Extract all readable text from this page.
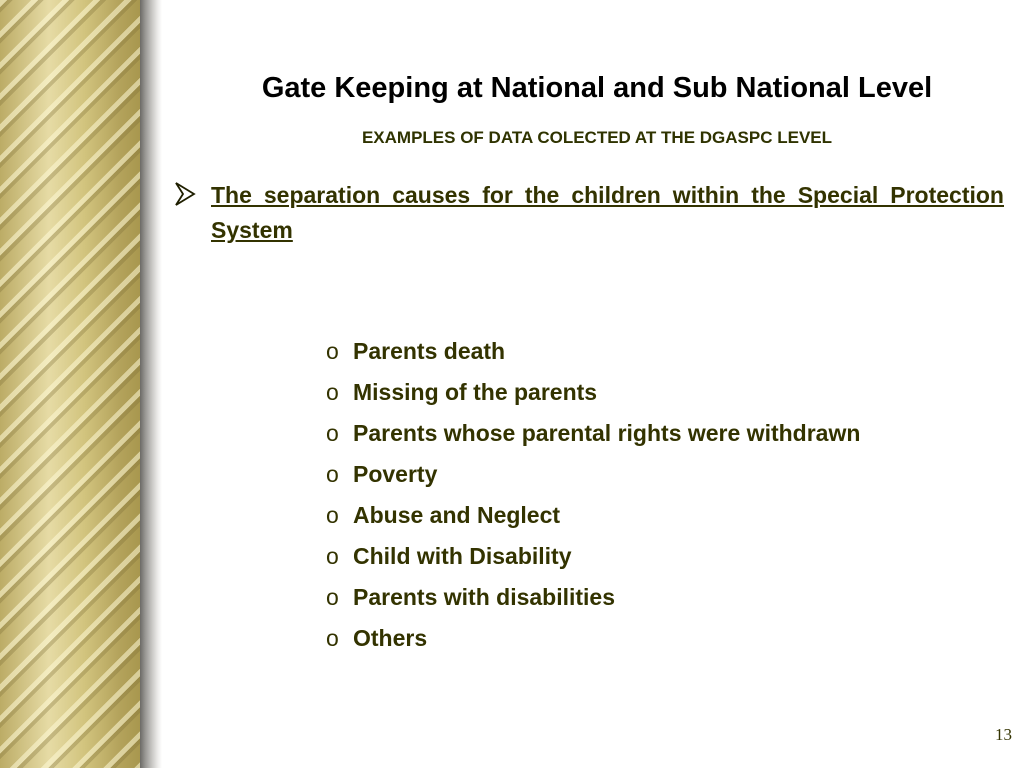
Gate Keeping at National and Sub National Level
EXAMPLES OF DATA COLECTED AT THE DGASPC LEVEL
The separation causes for the children within the Special Protection System
o Parents death
o Missing of the parents
o Parents whose parental rights were withdrawn
o Poverty
o Abuse and Neglect
o Child with Disability
o Parents with disabilities
o Others
13
